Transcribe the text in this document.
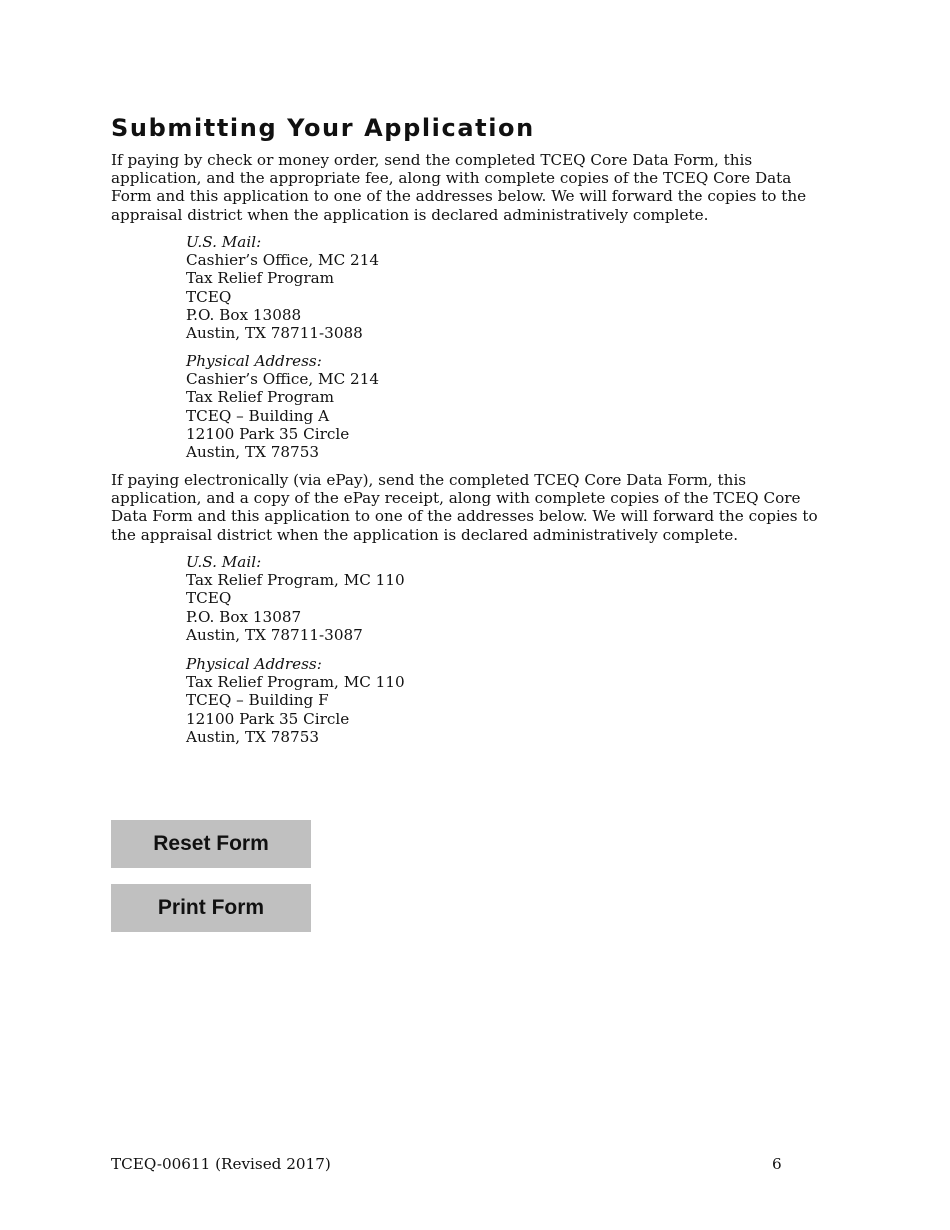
Submitting Your Application

If paying by check or money order, send the completed TCEQ Core Data Form, this application, and the appropriate fee, along with complete copies of the TCEQ Core Data Form and this application to one of the addresses below. We will forward the copies to the appraisal district when the application is declared administratively complete.

U.S. Mail:
Cashier’s Office, MC 214
Tax Relief Program
TCEQ
P.O. Box 13088
Austin, TX 78711-3088
Physical Address:
Cashier’s Office, MC 214
Tax Relief Program
TCEQ – Building A
12100 Park 35 Circle
Austin, TX 78753

If paying electronically (via ePay), send the completed TCEQ Core Data Form, this application, and a copy of the ePay receipt, along with complete copies of the TCEQ Core Data Form and this application to one of the addresses below. We will forward the copies to the appraisal district when the application is declared administratively complete.

U.S. Mail:
Tax Relief Program, MC 110
TCEQ
P.O. Box 13087
Austin, TX 78711-3087
Physical Address:
Tax Relief Program, MC 110
TCEQ – Building F
12100 Park 35 Circle
Austin, TX 78753
Reset Form
Print Form
TCEQ-00611 (Revised 2017)	6
